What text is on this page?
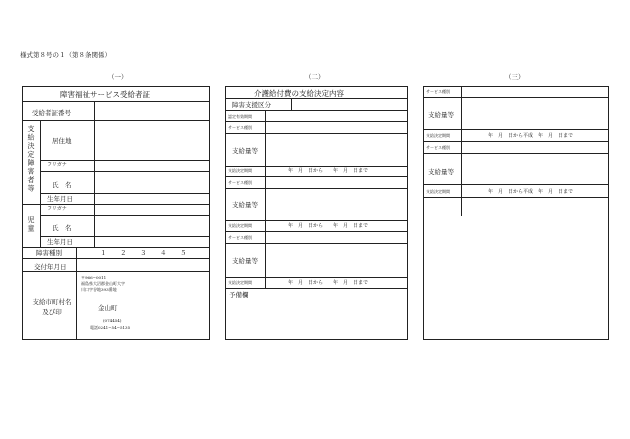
様式第８号の１（第８条関係）
（一）	（二）	（三）
障害福祉サービス受給者証
受給者証番号
支給決定障害者等	居住地
フリガナ
氏　名
生年月日
児童
フリガナ
氏　名
生年月日
障害種別	１ ２ ３ ４ ５
交付年月日
支給市町村名及び印
〒966−0011
福島県大沼郡金山町大字
川口字谷地393番地
金山町
(074454)
電話0241−54−5135
介護給付費の支給決定内容
障害支援区分
認定有効期間
サービス種別
支給量等
支給決定期間	年　月　日から　　年　月　日まで
サービス種別
支給量等
支給決定期間	年　月　日から　　年　月　日まで
サービス種別
支給量等
支給決定期間	年　月　日から　　年　月　日まで
予備欄
サービス種別
支給量等
支給決定期間	年　月　日から平成　年　月　日まで
サービス種別
支給量等
支給決定期間	年　月　日から平成　年　月　日まで
